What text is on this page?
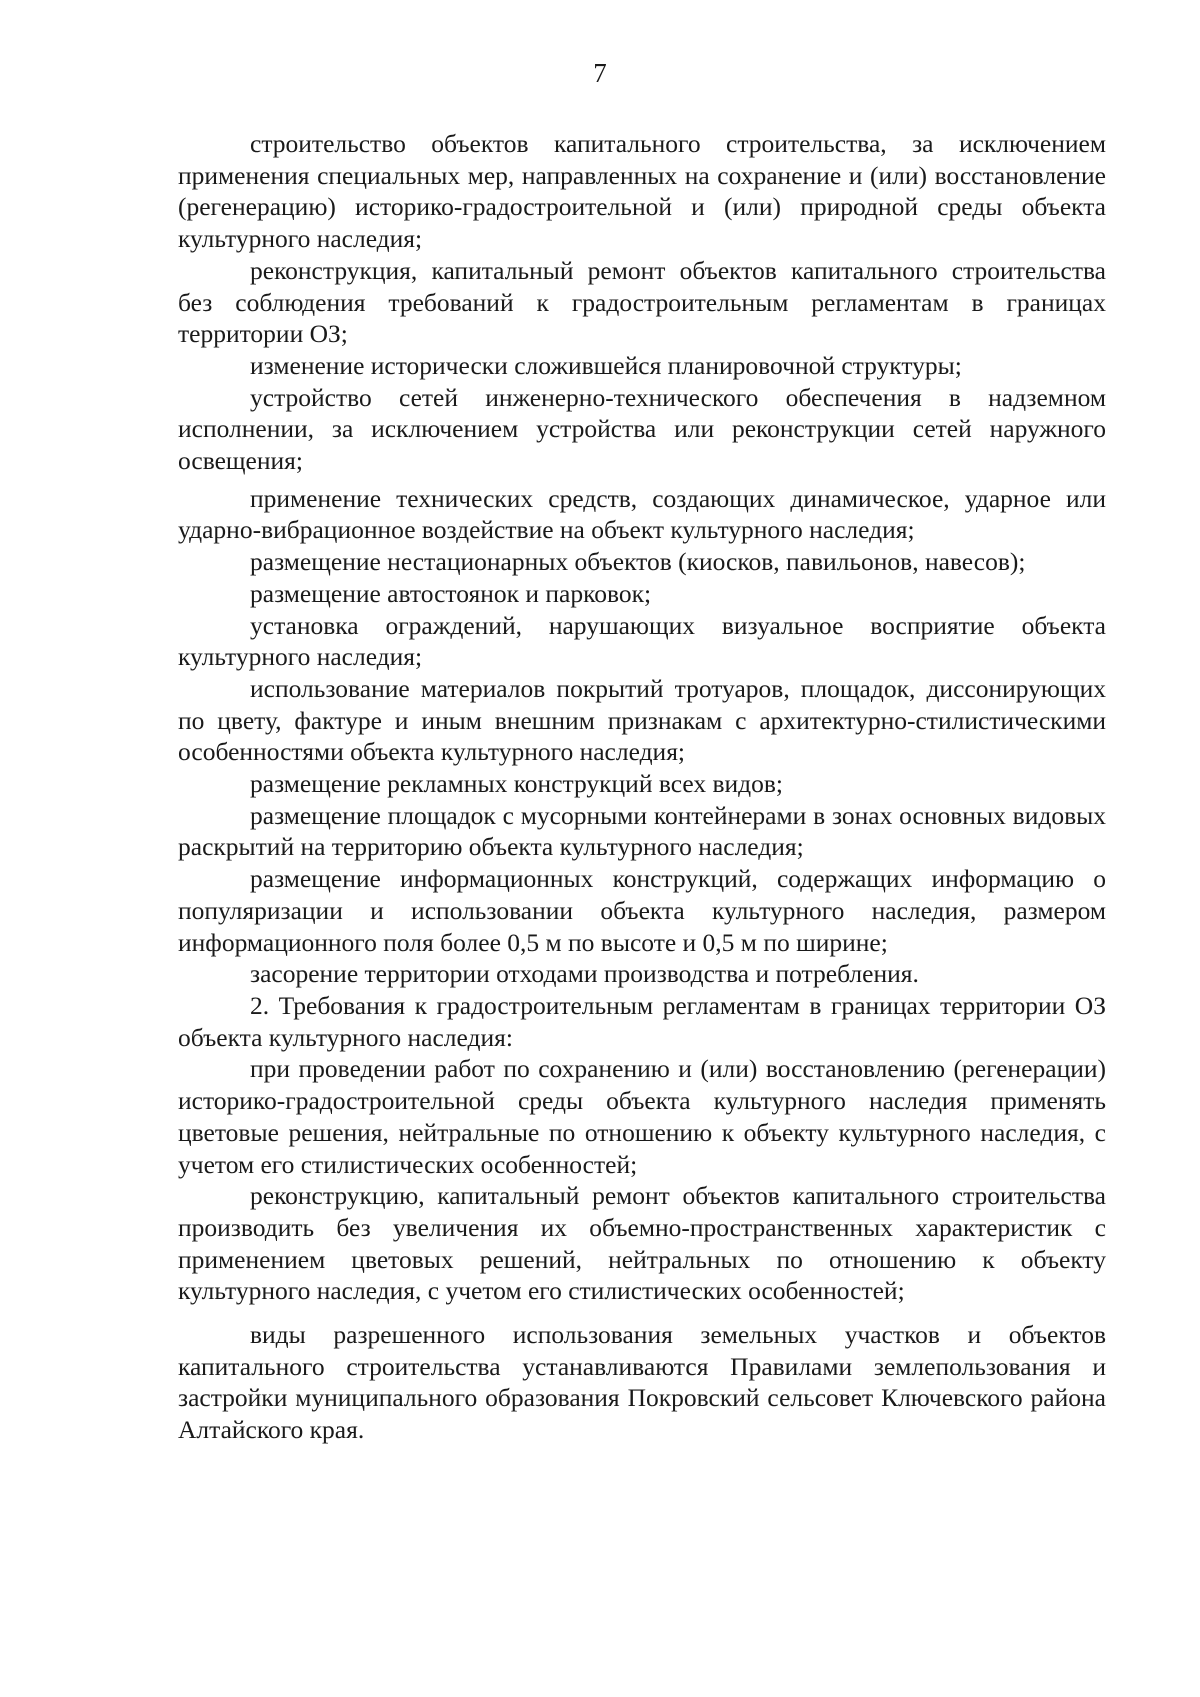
7

строительство объектов капитального строительства, за исключением применения специальных мер, направленных на сохранение и (или) восстановление (регенерацию) историко-градостроительной и (или) природной среды объекта культурного наследия;

реконструкция, капитальный ремонт объектов капитального строительства без соблюдения требований к градостроительным регламентам в границах территории ОЗ;

изменение исторически сложившейся планировочной структуры;

устройство сетей инженерно-технического обеспечения в надземном исполнении, за исключением устройства или реконструкции сетей наружного освещения;

применение технических средств, создающих динамическое, ударное или ударно-вибрационное воздействие на объект культурного наследия;

размещение нестационарных объектов (киосков, павильонов, навесов);

размещение автостоянок и парковок;

установка ограждений, нарушающих визуальное восприятие объекта культурного наследия;

использование материалов покрытий тротуаров, площадок, диссонирующих по цвету, фактуре и иным внешним признакам с архитектурно-стилистическими особенностями объекта культурного наследия;

размещение рекламных конструкций всех видов;

размещение площадок с мусорными контейнерами в зонах основных видовых раскрытий на территорию объекта культурного наследия;

размещение информационных конструкций, содержащих информацию о популяризации и использовании объекта культурного наследия, размером информационного поля более 0,5 м по высоте и 0,5 м по ширине;

засорение территории отходами производства и потребления.

2. Требования к градостроительным регламентам в границах территории ОЗ объекта культурного наследия:

при проведении работ по сохранению и (или) восстановлению (регенерации) историко-градостроительной среды объекта культурного наследия применять цветовые решения, нейтральные по отношению к объекту культурного наследия, с учетом его стилистических особенностей;

реконструкцию, капитальный ремонт объектов капитального строительства производить без увеличения их объемно-пространственных характеристик с применением цветовых решений, нейтральных по отношению к объекту культурного наследия, с учетом его стилистических особенностей;

виды разрешенного использования земельных участков и объектов капитального строительства устанавливаются Правилами землепользования и застройки муниципального образования Покровский сельсовет Ключевского района Алтайского края.
